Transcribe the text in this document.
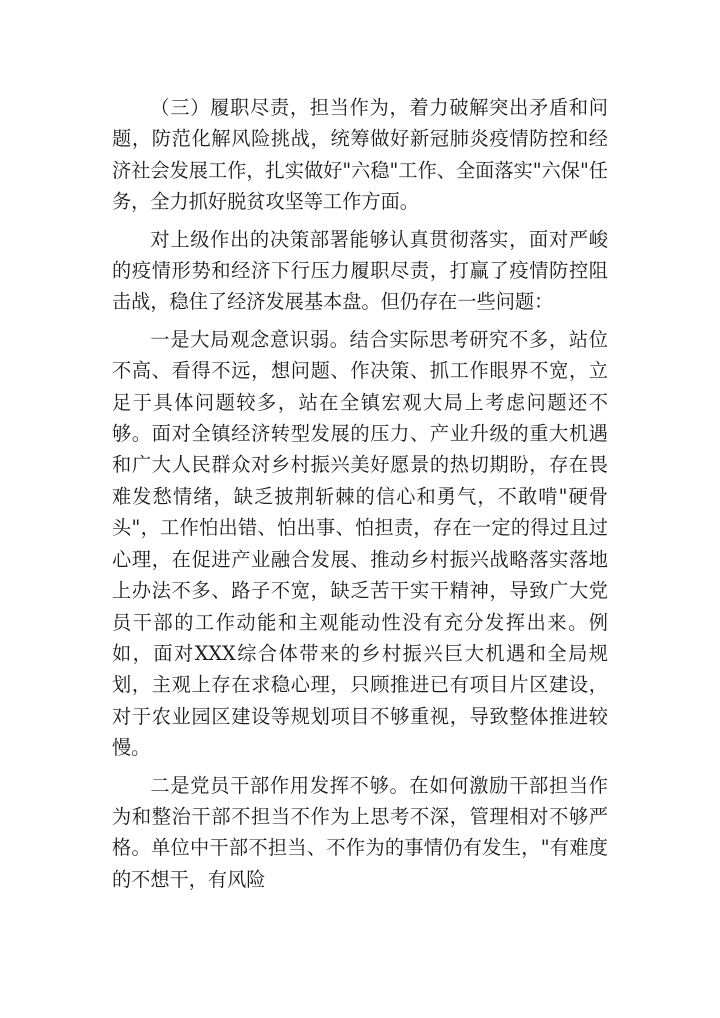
（三）履职尽责，担当作为，着力破解突出矛盾和问题，防范化解风险挑战，统筹做好新冠肺炎疫情防控和经济社会发展工作，扎实做好"六稳"工作、全面落实"六保"任务，全力抓好脱贫攻坚等工作方面。

对上级作出的决策部署能够认真贯彻落实，面对严峻的疫情形势和经济下行压力履职尽责，打赢了疫情防控阻击战，稳住了经济发展基本盘。但仍存在一些问题：

一是大局观念意识弱。结合实际思考研究不多，站位不高、看得不远，想问题、作决策、抓工作眼界不宽，立足于具体问题较多，站在全镇宏观大局上考虑问题还不够。面对全镇经济转型发展的压力、产业升级的重大机遇和广大人民群众对乡村振兴美好愿景的热切期盼，存在畏难发愁情绪，缺乏披荆斩棘的信心和勇气，不敢啃"硬骨头"，工作怕出错、怕出事、怕担责，存在一定的得过且过心理，在促进产业融合发展、推动乡村振兴战略落实落地上办法不多、路子不宽，缺乏苦干实干精神，导致广大党员干部的工作动能和主观能动性没有充分发挥出来。例如，面对XXX综合体带来的乡村振兴巨大机遇和全局规划，主观上存在求稳心理，只顾推进已有项目片区建设，对于农业园区建设等规划项目不够重视，导致整体推进较慢。

二是党员干部作用发挥不够。在如何激励干部担当作为和整治干部不担当不作为上思考不深，管理相对不够严格。单位中干部不担当、不作为的事情仍有发生，"有难度的不想干，有风险
